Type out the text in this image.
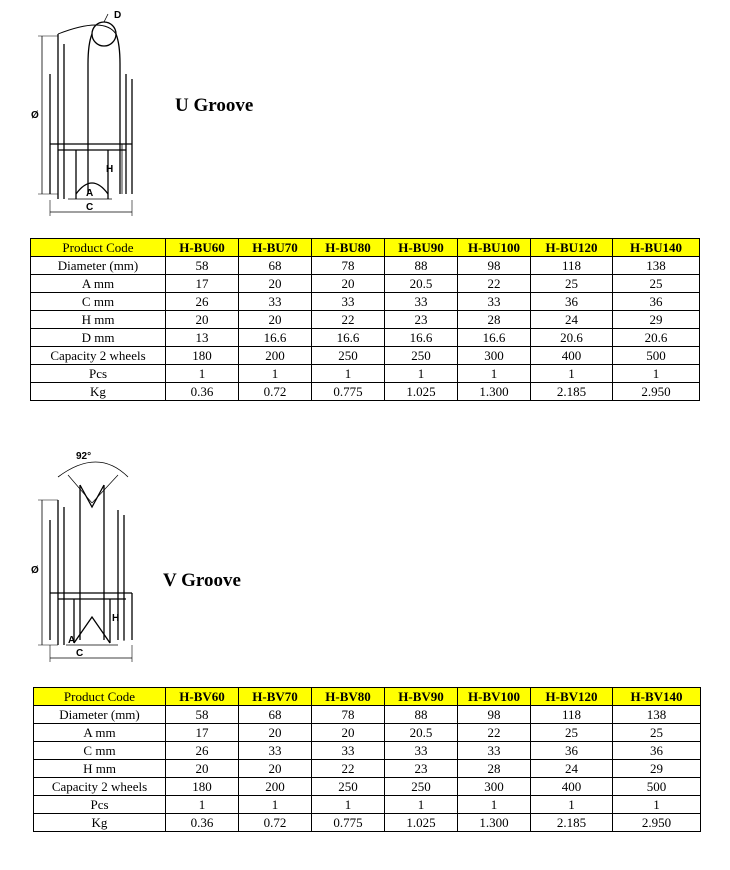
D
Ø
H
A
C
U Groove
Product Code	H-BU60	H-BU70	H-BU80	H-BU90	H-BU100	H-BU120	H-BU140
Diameter (mm)	58	68	78	88	98	118	138
A mm	17	20	20	20.5	22	25	25
C mm	26	33	33	33	33	36	36
H mm	20	20	22	23	28	24	29
D mm	13	16.6	16.6	16.6	16.6	20.6	20.6
Capacity 2 wheels	180	200	250	250	300	400	500
Pcs	1	1	1	1	1	1	1
Kg	0.36	0.72	0.775	1.025	1.300	2.185	2.950
92°
Ø
H
A
C
V Groove
Product Code	H-BV60	H-BV70	H-BV80	H-BV90	H-BV100	H-BV120	H-BV140
Diameter (mm)	58	68	78	88	98	118	138
A mm	17	20	20	20.5	22	25	25
C mm	26	33	33	33	33	36	36
H mm	20	20	22	23	28	24	29
Capacity 2 wheels	180	200	250	250	300	400	500
Pcs	1	1	1	1	1	1	1
Kg	0.36	0.72	0.775	1.025	1.300	2.185	2.950
